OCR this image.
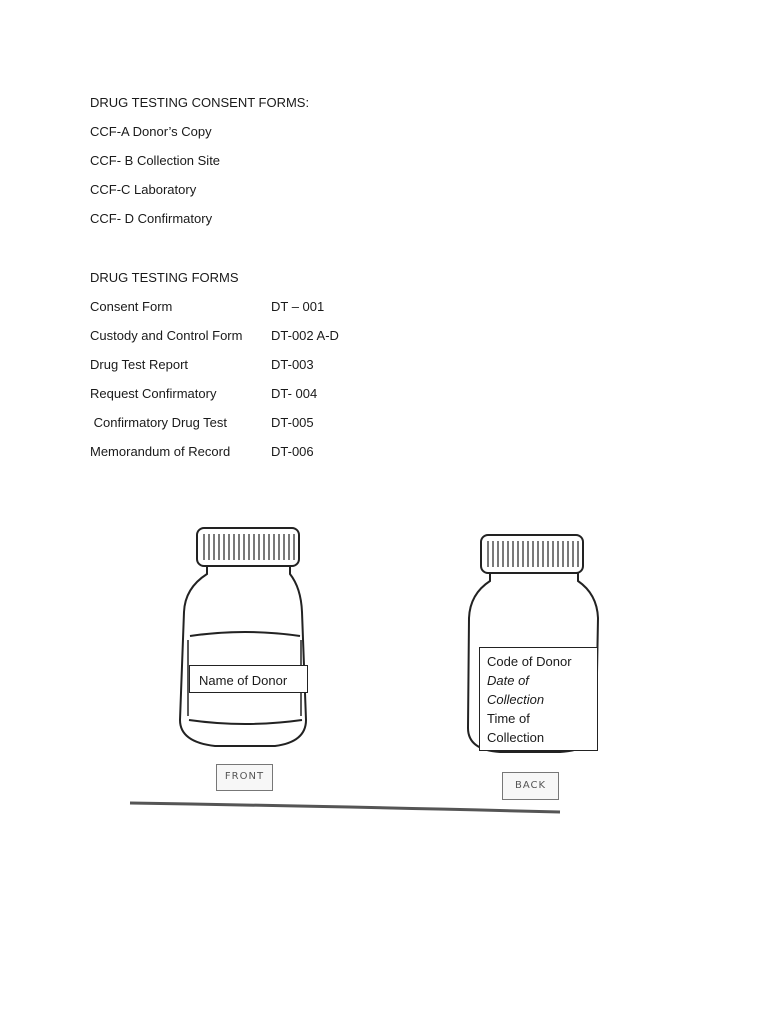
DRUG TESTING CONSENT FORMS:
CCF-A Donor’s Copy
CCF- B Collection Site
CCF-C Laboratory
CCF- D Confirmatory
DRUG TESTING FORMS
Consent Form	DT – 001
Custody and Control Form DT-002 A-D
Drug Test Report	DT-003
Request Confirmatory	DT- 004
Confirmatory Drug Test	DT-005
Memorandum of Record	DT-006
Name of Donor
Code of Donor
Date of
Collection
Time of
Collection
FRONT
BACK
